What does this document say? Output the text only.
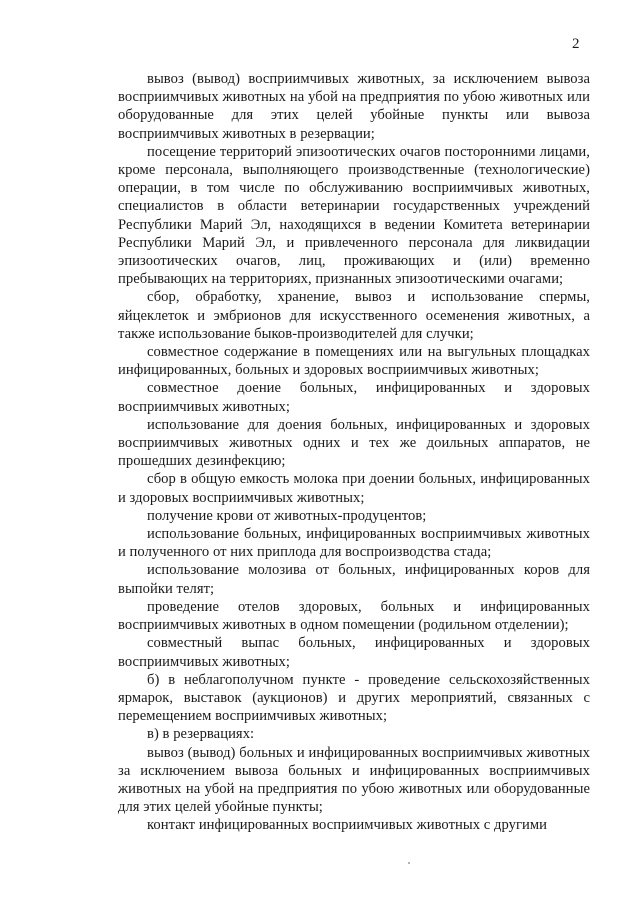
2

вывоз (вывод) восприимчивых животных, за исключением вывоза восприимчивых животных на убой на предприятия по убою животных или оборудованные для этих целей убойные пункты или вывоза восприимчивых животных в резервации;

посещение территорий эпизоотических очагов посторонними лицами, кроме персонала, выполняющего производственные (технологические) операции, в том числе по обслуживанию восприимчивых животных, специалистов в области ветеринарии государственных учреждений Республики Марий Эл, находящихся в ведении Комитета ветеринарии Республики Марий Эл, и привлеченного персонала для ликвидации эпизоотических очагов, лиц, проживающих и (или) временно пребывающих на территориях, признанных эпизоотическими очагами;

сбор, обработку, хранение, вывоз и использование спермы, яйцеклеток и эмбрионов для искусственного осеменения животных, а также использование быков-производителей для случки;

совместное содержание в помещениях или на выгульных площадках инфицированных, больных и здоровых восприимчивых животных;

совместное доение больных, инфицированных и здоровых восприимчивых животных;

использование для доения больных, инфицированных и здоровых восприимчивых животных одних и тех же доильных аппаратов, не прошедших дезинфекцию;

сбор в общую емкость молока при доении больных, инфицированных и здоровых восприимчивых животных;

получение крови от животных-продуцентов;

использование больных, инфицированных восприимчивых животных и полученного от них приплода для воспроизводства стада;

использование молозива от больных, инфицированных коров для выпойки телят;

проведение отелов здоровых, больных и инфицированных восприимчивых животных в одном помещении (родильном отделении);

совместный выпас больных, инфицированных и здоровых восприимчивых животных;

б) в неблагополучном пункте - проведение сельскохозяйственных ярмарок, выставок (аукционов) и других мероприятий, связанных с перемещением восприимчивых животных;

в) в резервациях:

вывоз (вывод) больных и инфицированных восприимчивых животных за исключением вывоза больных и инфицированных восприимчивых животных на убой на предприятия по убою животных или оборудованные для этих целей убойные пункты;

контакт инфицированных восприимчивых животных с другими
